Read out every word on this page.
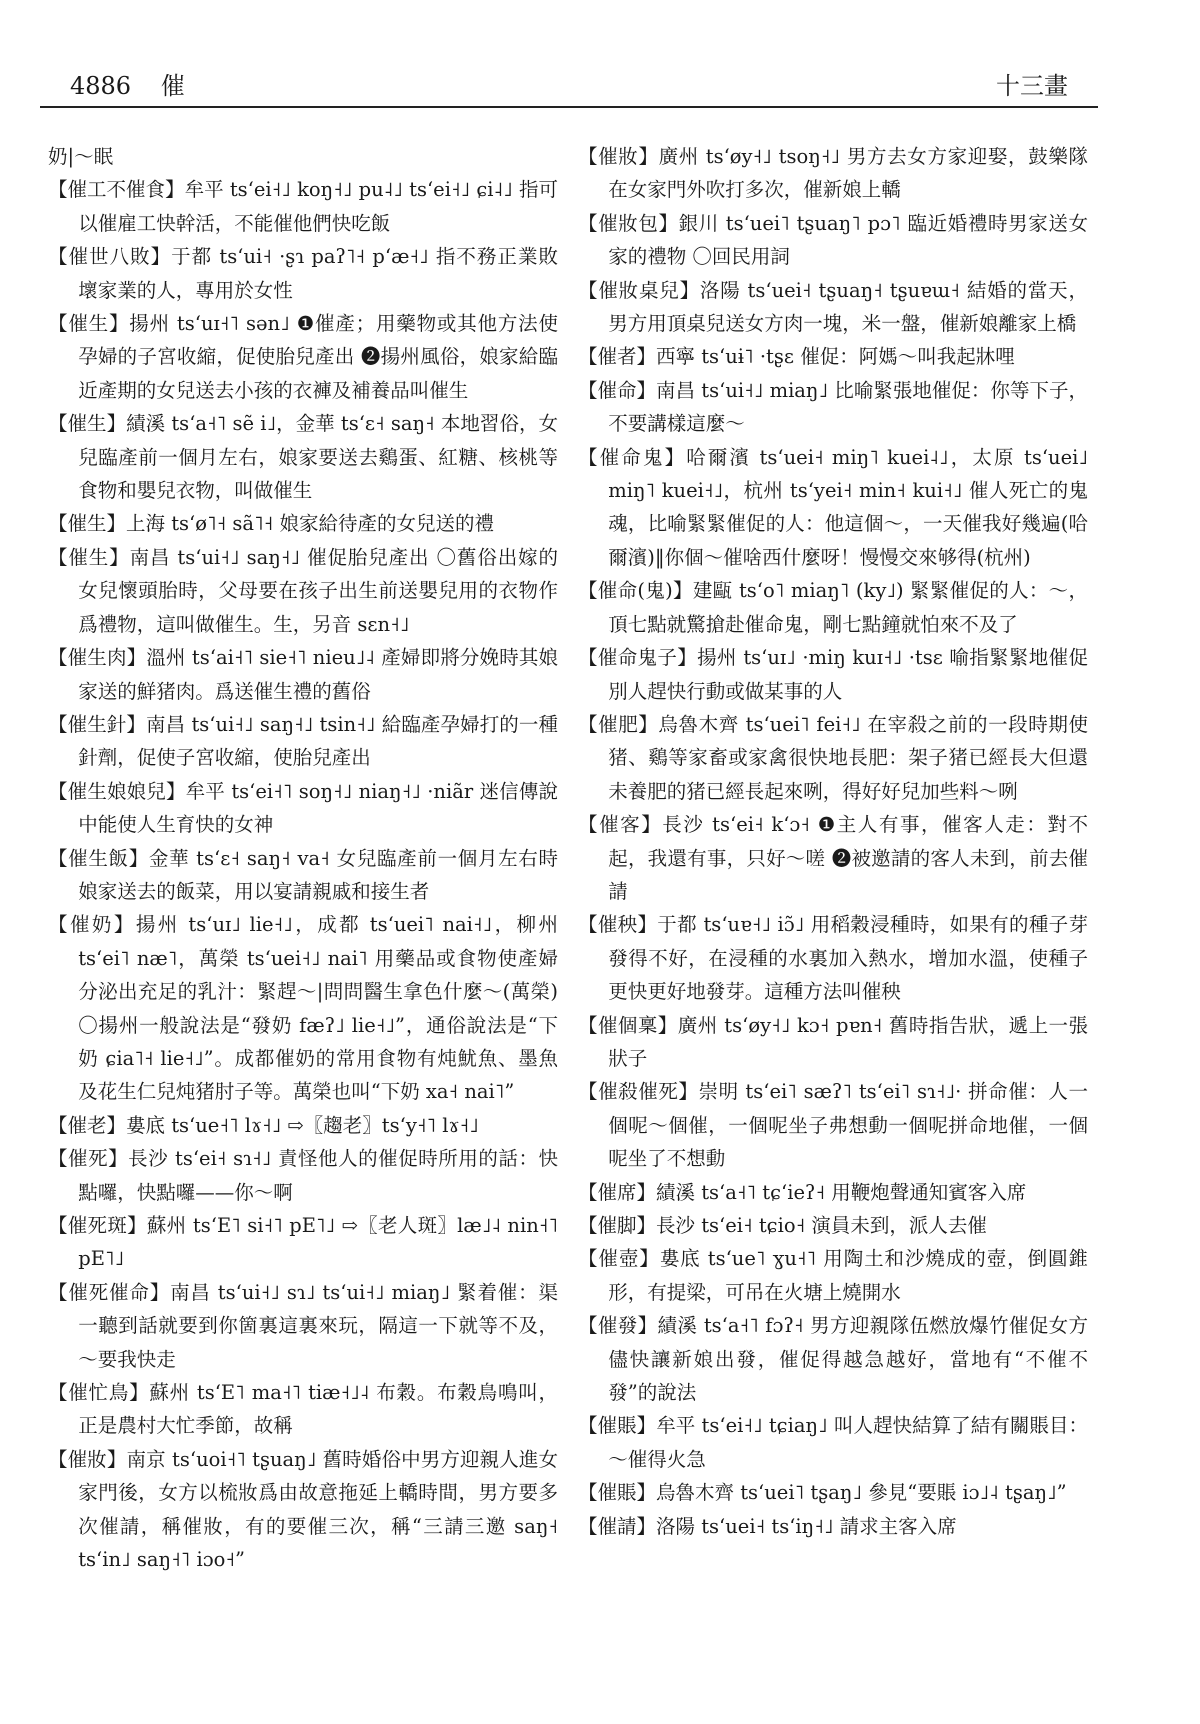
4886 催	十三畫
奶|～眠
【催工不催食】牟平 tsʻei˧˩ koŋ˧˩ pu˨˩ tsʻei˧˩ ɕi˨˩ 指可以催雇工快幹活，不能催他們快吃飯
【催世八敗】于都 tsʻui˧ ·ʂɿ paʔ˥˧ pʻæ˧˩ 指不務正業敗壞家業的人，專用於女性
【催生】揚州 tsʻuɪ˧˥ sən˩ ❶催產；用藥物或其他方法使孕婦的子宮收縮，促使胎兒產出 ❷揚州風俗，娘家給臨近產期的女兒送去小孩的衣褲及補養品叫催生
【催生】績溪 tsʻa˧˥ sẽ i˩，金華 tsʻɛ˧ saŋ˧ 本地習俗，女兒臨產前一個月左右，娘家要送去鷄蛋、紅糖、核桃等食物和嬰兒衣物，叫做催生
【催生】上海 tsʻø˥˧ sã˥˧ 娘家給待產的女兒送的禮
【催生】南昌 tsʻui˧˩ saŋ˧˩ 催促胎兒產出 〇舊俗出嫁的女兒懷頭胎時，父母要在孩子出生前送嬰兒用的衣物作爲禮物，這叫做催生。生，另音 sɛn˧˩
【催生肉】溫州 tsʻai˧˥ sie˧˥ nieu˩˨ 產婦即將分娩時其娘家送的鮮猪肉。爲送催生禮的舊俗
【催生針】南昌 tsʻui˧˩ saŋ˧˩ tsin˧˩ 給臨產孕婦打的一種針劑，促使子宮收縮，使胎兒產出
【催生娘娘兒】牟平 tsʻei˧˥ soŋ˧˩ niaŋ˧˩ ·niãr 迷信傳說中能使人生育快的女神
【催生飯】金華 tsʻɛ˧ saŋ˧ va˧ 女兒臨產前一個月左右時娘家送去的飯菜，用以宴請親戚和接生者
【催奶】揚州 tsʻuɪ˩ lie˧˩，成都 tsʻuei˥ nai˧˩，柳州 tsʻei˥ næ˥，萬榮 tsʻuei˧˩ nai˥ 用藥品或食物使產婦分泌出充足的乳汁：緊趕～|問問醫生拿色什麼～(萬榮) 〇揚州一般說法是“發奶 fæʔ˩ lie˧˩”，通俗說法是“下奶 ɕia˥˧ lie˧˩”。成都催奶的常用食物有炖魷魚、墨魚及花生仁兒炖猪肘子等。萬榮也叫“下奶 xa˧ nai˥”
【催老】婁底 tsʻue˧˥ lɤ˧˩ ⇨〖趨老〗tsʻy˧˥ lɤ˧˩
【催死】長沙 tsʻei˧ sɿ˧˩ 責怪他人的催促時所用的話：快點囉，快點囉——你～啊
【催死斑】蘇州 tsʻE˥ si˧˥ pE˥˩ ⇨〖老人斑〗læ˩˨ nin˧˥ pE˥˩
【催死催命】南昌 tsʻui˧˩ sɿ˩ tsʻui˧˩ miaŋ˩ 緊着催：渠一聽到話就要到你箇裏這裏來玩，隔這一下就等不及，～要我快走
【催忙鳥】蘇州 tsʻE˥ ma˧˥ tiæ˧˩˨ 布穀。布穀鳥鳴叫，正是農村大忙季節，故稱
【催妝】南京 tsʻuoi˧˥ tʂuaŋ˩ 舊時婚俗中男方迎親人進女家門後，女方以梳妝爲由故意拖延上轎時間，男方要多次催請，稱催妝，有的要催三次，稱“三請三邀 saŋ˧ tsʻin˩ saŋ˧˥ iɔo˧”
【催妝】廣州 tsʻøy˧˩ tsoŋ˧˩ 男方去女方家迎娶，鼓樂隊在女家門外吹打多次，催新娘上轎
【催妝包】銀川 tsʻuei˥ tʂuaŋ˥ pɔ˥ 臨近婚禮時男家送女家的禮物 〇回民用詞
【催妝桌兒】洛陽 tsʻuei˧ tʂuaŋ˧ tʂuɐɯ˧ 結婚的當天，男方用頂桌兒送女方肉一塊，米一盤，催新娘離家上橋
【催者】西寧 tsʻuɨ˥ ·tʂɛ 催促：阿媽～叫我起牀哩
【催命】南昌 tsʻui˧˩ miaŋ˩ 比喻緊張地催促：你等下子，不要講樣這麼～
【催命鬼】哈爾濱 tsʻuei˧ miŋ˥ kuei˨˩，太原 tsʻuei˩ miŋ˥ kuei˧˩，杭州 tsʻyei˧ min˧ kui˧˩ 催人死亡的鬼魂，比喻緊緊催促的人：他這個～，一天催我好幾遍(哈爾濱)‖你個～催啥西什麼呀！慢慢交來够得(杭州)
【催命(鬼)】建甌 tsʻo˥ miaŋ˥ (ky˩) 緊緊催促的人：～，頂七點就驚搶赴催命鬼，剛七點鐘就怕來不及了
【催命鬼子】揚州 tsʻuɪ˩ ·miŋ kuɪ˧˩ ·tsɛ 喻指緊緊地催促別人趕快行動或做某事的人
【催肥】烏魯木齊 tsʻuei˥ fei˧˩ 在宰殺之前的一段時期使猪、鷄等家畜或家禽很快地長肥：架子猪已經長大但還未養肥的猪已經長起來咧，得好好兒加些料～咧
【催客】長沙 tsʻei˧ kʻɔ˧ ❶主人有事，催客人走：對不起，我還有事，只好～嗟 ❷被邀請的客人未到，前去催請
【催秧】于都 tsʻuɐ˧˩ iɔ̃˩ 用稻穀浸種時，如果有的種子芽發得不好，在浸種的水裏加入熱水，增加水溫，使種子更快更好地發芽。這種方法叫催秧
【催個稟】廣州 tsʻøy˧˩ kɔ˧ pɐn˧ 舊時指告狀，遞上一張狀子
【催殺催死】崇明 tsʻei˥ sæʔ˥ tsʻei˥ sɿ˧˩· 拼命催：人一個呢～個催，一個呢坐子弗想動一個呢拼命地催，一個呢坐了不想動
【催席】績溪 tsʻa˧˥ tɕʻieʔ˧ 用鞭炮聲通知賓客入席
【催脚】長沙 tsʻei˧ tɕio˧ 演員未到，派人去催
【催壺】婁底 tsʻue˥ ɣu˧˥ 用陶土和沙燒成的壺，倒圓錐形，有提梁，可吊在火塘上燒開水
【催發】績溪 tsʻa˧˥ fɔʔ˧ 男方迎親隊伍燃放爆竹催促女方儘快讓新娘出發，催促得越急越好，當地有“不催不發”的說法
【催賬】牟平 tsʻei˧˩ tɕiaŋ˩ 叫人趕快結算了結有關賬目：～催得火急
【催賬】烏魯木齊 tsʻuei˥ tʂaŋ˩ 參見“要賬 iɔ˩˨ tʂaŋ˩”
【催請】洛陽 tsʻuei˧ tsʻiŋ˧˩ 請求主客入席
